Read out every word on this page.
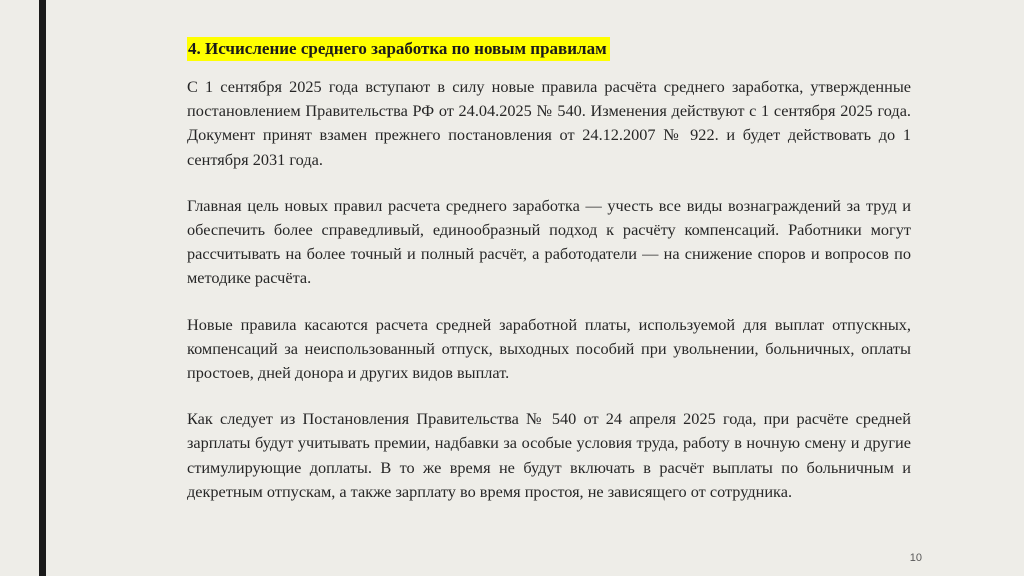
4. Исчисление среднего заработка по новым правилам

С 1 сентября 2025 года вступают в силу новые правила расчёта среднего заработка, утвержденные постановлением Правительства РФ от 24.04.2025 № 540. Изменения действуют с 1 сентября 2025 года. Документ принят взамен прежнего постановления от 24.12.2007 № 922. и будет действовать до 1 сентября 2031 года.

Главная цель новых правил расчета среднего заработка — учесть все виды вознаграждений за труд и обеспечить более справедливый, единообразный подход к расчёту компенсаций. Работники могут рассчитывать на более точный и полный расчёт, а работодатели — на снижение споров и вопросов по методике расчёта.

Новые правила касаются расчета средней заработной платы, используемой для выплат отпускных, компенсаций за неиспользованный отпуск, выходных пособий при увольнении, больничных, оплаты простоев, дней донора и других видов выплат.

Как следует из Постановления Правительства № 540 от 24 апреля 2025 года, при расчёте средней зарплаты будут учитывать премии, надбавки за особые условия труда, работу в ночную смену и другие стимулирующие доплаты. В то же время не будут включать в расчёт выплаты по больничным и декретным отпускам, а также зарплату во время простоя, не зависящего от сотрудника.

10
